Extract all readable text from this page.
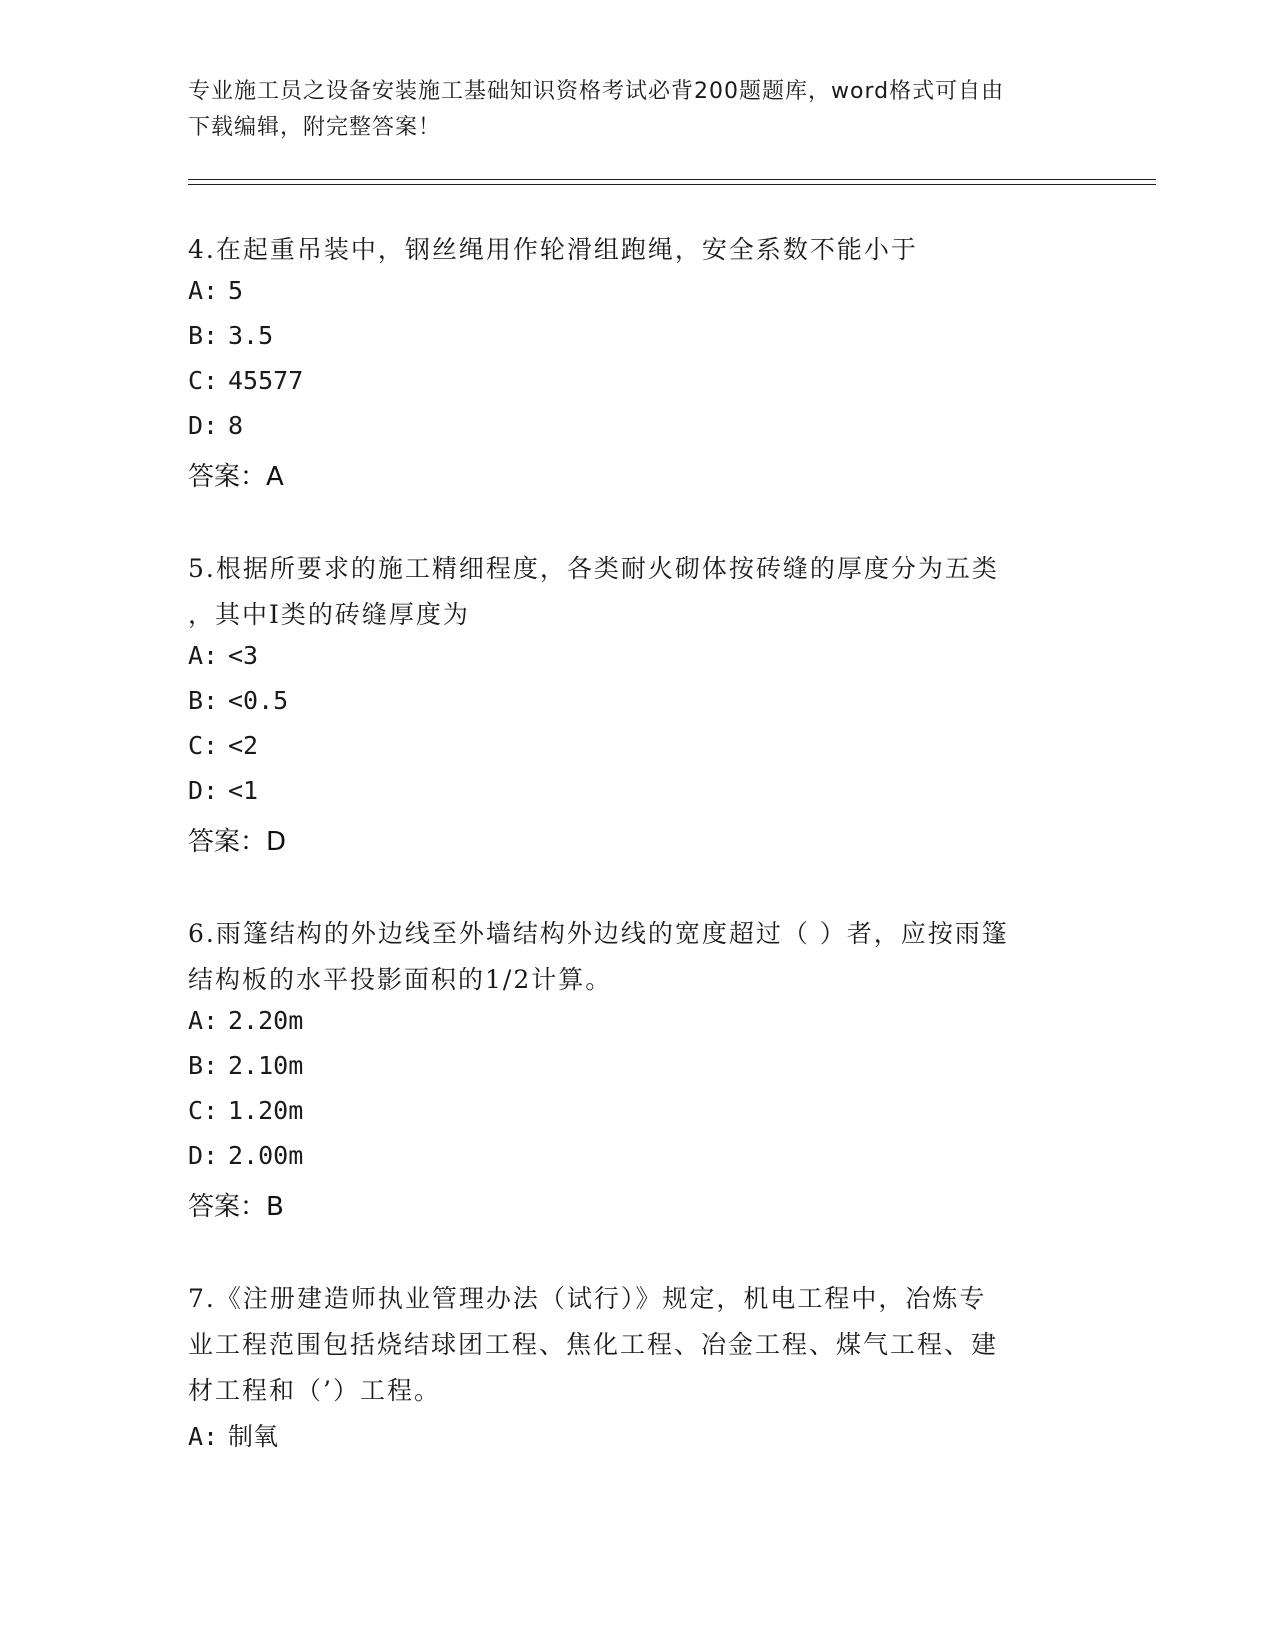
专业施工员之设备安装施工基础知识资格考试必背200题题库，word格式可自由
下载编辑，附完整答案！
4.在起重吊装中，钢丝绳用作轮滑组跑绳，安全系数不能小于
A: 5
B: 3.5
C: 45577
D: 8
答案：A
5.根据所要求的施工精细程度，各类耐火砌体按砖缝的厚度分为五类
，其中Ⅰ类的砖缝厚度为
A: <3
B: <0.5
C: <2
D: <1
答案：D
6.雨篷结构的外边线至外墙结构外边线的宽度超过（ ）者，应按雨篷
结构板的水平投影面积的1/2计算。
A: 2.20m
B: 2.10m
C: 1.20m
D: 2.00m
答案：B
7.《注册建造师执业管理办法（试行）》规定，机电工程中，冶炼专
业工程范围包括烧结球团工程、焦化工程、冶金工程、煤气工程、建
材工程和（’）工程。
A: 制氧
